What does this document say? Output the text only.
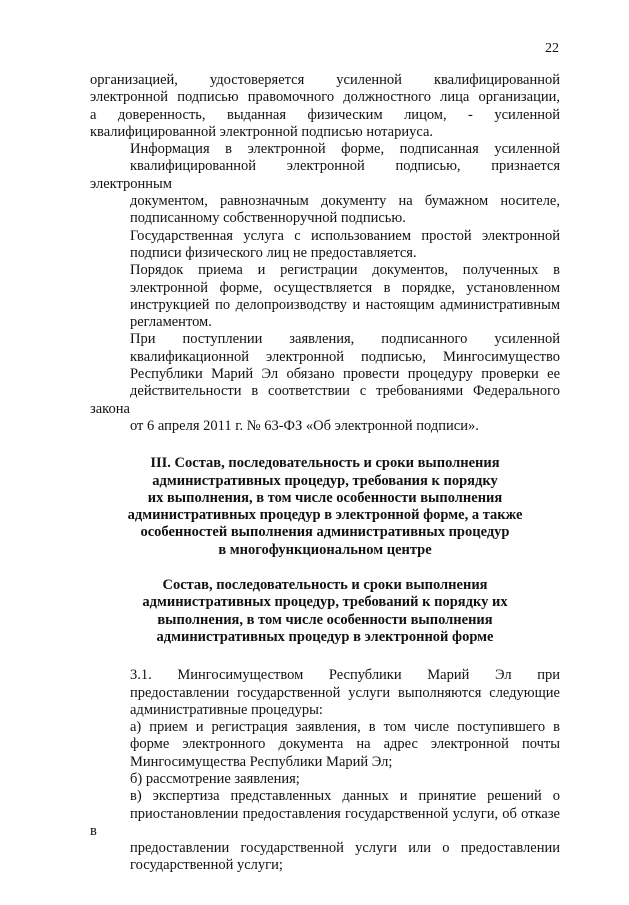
22
организацией, удостоверяется усиленной квалифицированной
электронной подписью правомочного должностного лица организации,
а доверенность, выданная физическим лицом, - усиленной
квалифицированной электронной подписью нотариуса.
Информация в электронной форме, подписанная усиленной
квалифицированной электронной подписью, признается электронным
документом, равнозначным документу на бумажном носителе,
подписанному собственноручной подписью.
Государственная услуга с использованием простой электронной
подписи физического лиц не предоставляется.
Порядок приема и регистрации документов, полученных в
электронной форме, осуществляется в порядке, установленном
инструкцией по делопроизводству и настоящим административным
регламентом.
При поступлении заявления, подписанного усиленной
квалификационной электронной подписью, Мингосимущество
Республики Марий Эл обязано провести процедуру проверки ее
действительности в соответствии с требованиями Федерального закона
от 6 апреля 2011 г. № 63-ФЗ «Об электронной подписи».
III. Состав, последовательность и сроки выполнения
административных процедур, требования к порядку
их выполнения, в том числе особенности выполнения
административных процедур в электронной форме, а также
особенностей выполнения административных процедур
в многофункциональном центре
Состав, последовательность и сроки выполнения
административных процедур, требований к порядку их
выполнения, в том числе особенности выполнения
административных процедур в электронной форме
3.1. Мингосимуществом Республики Марий Эл при
предоставлении государственной услуги выполняются следующие
административные процедуры:
а) прием и регистрация заявления, в том числе поступившего в
форме электронного документа на адрес электронной почты
Мингосимущества Республики Марий Эл;
б) рассмотрение заявления;
в) экспертиза представленных данных и принятие решений о
приостановлении предоставления государственной услуги, об отказе в
предоставлении государственной услуги или о предоставлении
государственной услуги;
